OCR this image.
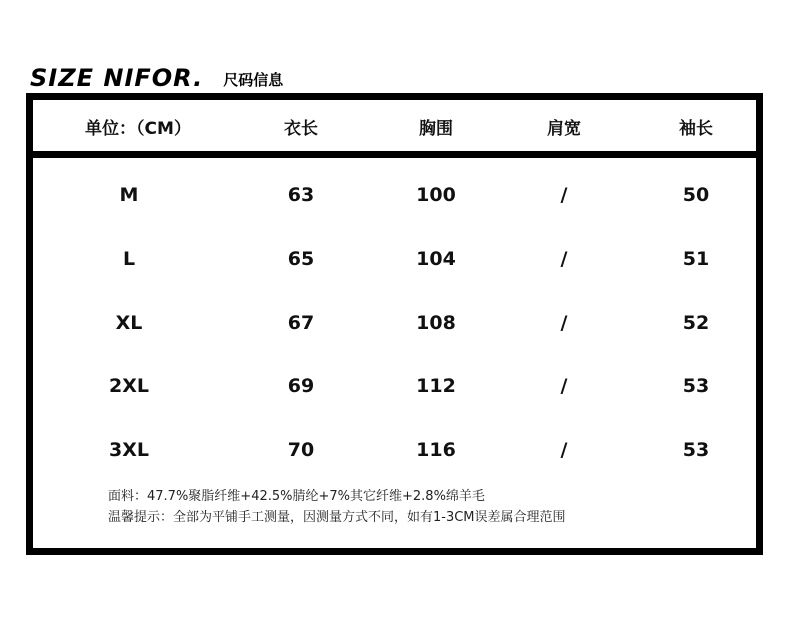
SIZE NIFOR. 尺码信息
单位：（CM）	衣长	胸围	肩宽	袖长
M	63	100	/	50
L	65	104	/	51
XL	67	108	/	52
2XL	69	112	/	53
3XL	70	116	/	53
面料：47.7%聚脂纤维+42.5%腈纶+7%其它纤维+2.8%绵羊毛
温馨提示：全部为平铺手工测量，因测量方式不同，如有1-3CM误差属合理范围
